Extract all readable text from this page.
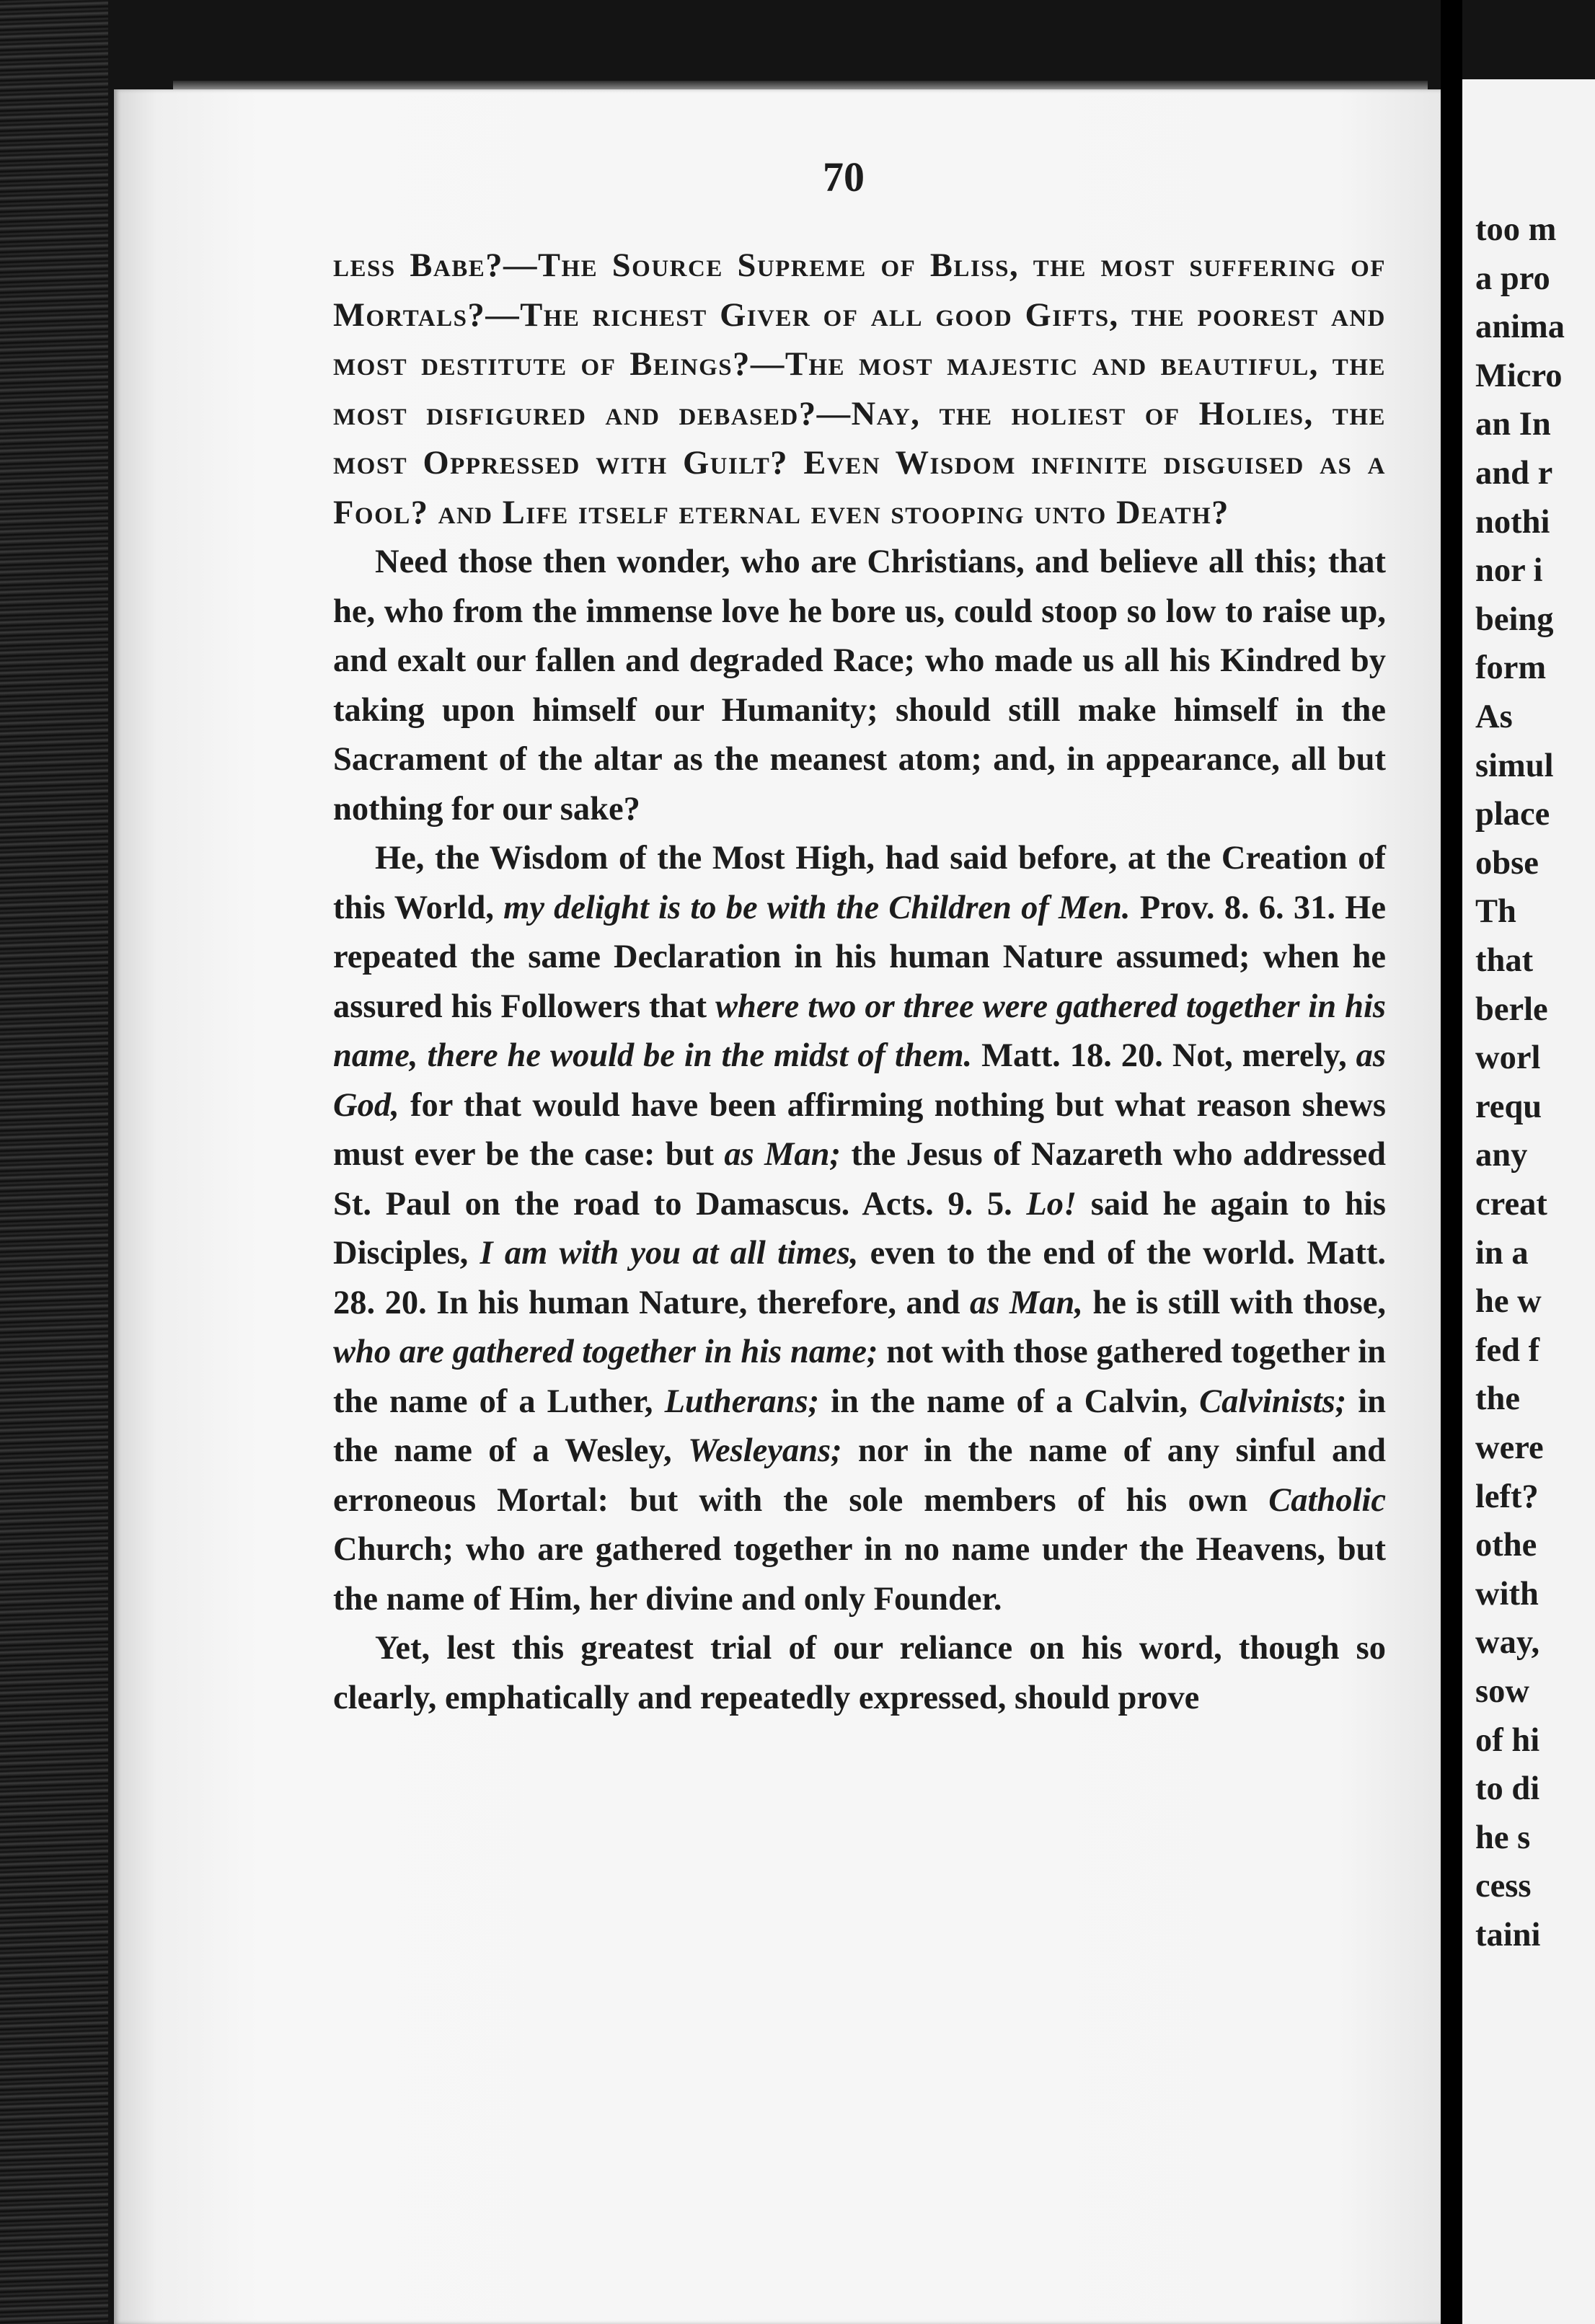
too m
a pro
anima
Micro
an In
and r
nothi
nor i
being
form
As
simul
place
obse
Th
that
berle
worl
requ
any
creat
in a
he w
fed f
the
were
left?
othe
with
way,
sow
of hi
to di
he s
cess
taini
70

less Babe?—The Source Supreme of Bliss, the most suffering of Mortals?—The richest Giver of all good Gifts, the poorest and most destitute of Beings?—The most majestic and beautiful, the most disfigured and debased?—Nay, the holiest of Holies, the most Oppressed with Guilt? Even Wisdom infinite disguised as a Fool? and Life itself eternal even stooping unto Death?

Need those then wonder, who are Christians, and believe all this; that he, who from the immense love he bore us, could stoop so low to raise up, and exalt our fallen and degraded Race; who made us all his Kindred by taking upon himself our Humanity; should still make himself in the Sacrament of the altar as the meanest atom; and, in appearance, all but nothing for our sake?

He, the Wisdom of the Most High, had said before, at the Creation of this World, my delight is to be with the Children of Men. Prov. 8. 6. 31. He repeated the same Declaration in his human Nature assumed; when he assured his Followers that where two or three were gathered together in his name, there he would be in the midst of them. Matt. 18. 20. Not, merely, as God, for that would have been affirming nothing but what reason shews must ever be the case: but as Man; the Jesus of Nazareth who addressed St. Paul on the road to Damascus. Acts. 9. 5. Lo! said he again to his Disciples, I am with you at all times, even to the end of the world. Matt. 28. 20. In his human Nature, therefore, and as Man, he is still with those, who are gathered together in his name; not with those gathered together in the name of a Luther, Lutherans; in the name of a Calvin, Calvinists; in the name of a Wesley, Wesleyans; nor in the name of any sinful and erroneous Mortal: but with the sole members of his own Catholic Church; who are gathered together in no name under the Heavens, but the name of Him, her divine and only Founder.

Yet, lest this greatest trial of our reliance on his word, though so clearly, emphatically and repeatedly expressed, should prove
